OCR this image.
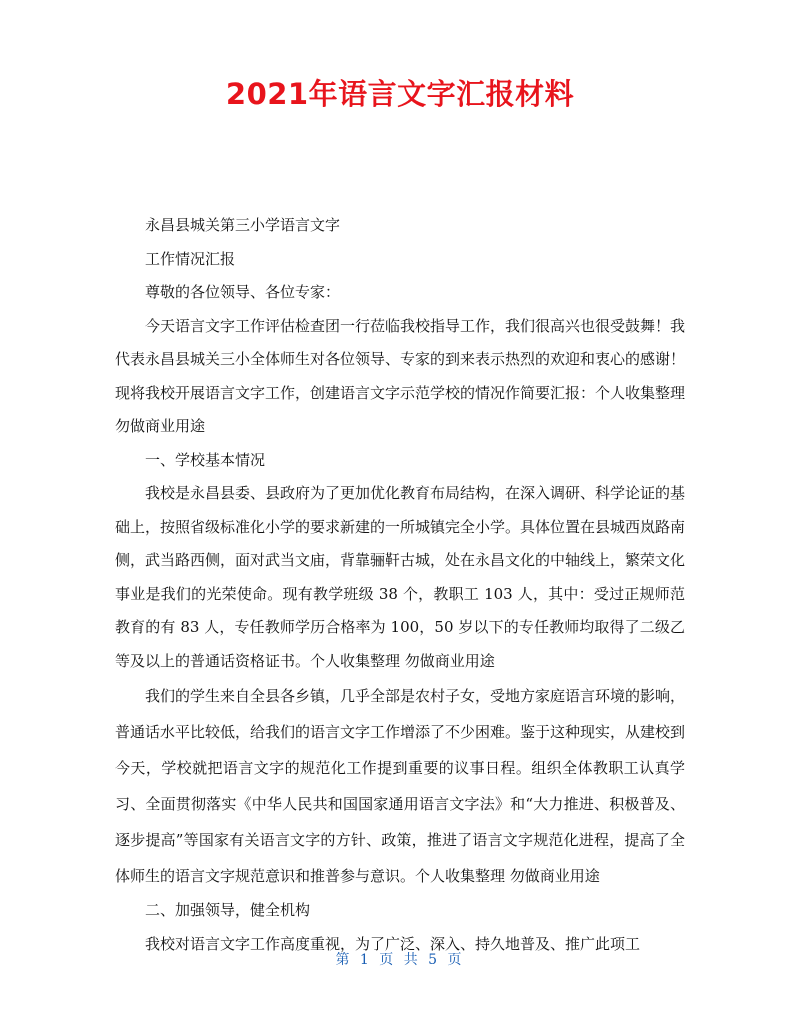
2021年语言文字汇报材料

永昌县城关第三小学语言文字

工作情况汇报

尊敬的各位领导、各位专家：

今天语言文字工作评估检查团一行莅临我校指导工作，我们很高兴也很受鼓舞！我代表永昌县城关三小全体师生对各位领导、专家的到来表示热烈的欢迎和衷心的感谢！现将我校开展语言文字工作，创建语言文字示范学校的情况作简要汇报：个人收集整理 勿做商业用途

一、学校基本情况

我校是永昌县委、县政府为了更加优化教育布局结构，在深入调研、科学论证的基础上，按照省级标准化小学的要求新建的一所城镇完全小学。具体位置在县城西岚路南侧，武当路西侧，面对武当文庙，背靠骊靬古城，处在永昌文化的中轴线上，繁荣文化事业是我们的光荣使命。现有教学班级 38 个，教职工 103 人，其中：受过正规师范教育的有 83 人，专任教师学历合格率为 100，50 岁以下的专任教师均取得了二级乙等及以上的普通话资格证书。个人收集整理 勿做商业用途

我们的学生来自全县各乡镇，几乎全部是农村子女，受地方家庭语言环境的影响，普通话水平比较低，给我们的语言文字工作增添了不少困难。鉴于这种现实，从建校到今天，学校就把语言文字的规范化工作提到重要的议事日程。组织全体教职工认真学习、全面贯彻落实《中华人民共和国国家通用语言文字法》和“大力推进、积极普及、逐步提高”等国家有关语言文字的方针、政策，推进了语言文字规范化进程，提高了全体师生的语言文字规范意识和推普参与意识。个人收集整理 勿做商业用途

二、加强领导，健全机构

我校对语言文字工作高度重视，为了广泛、深入、持久地普及、推广此项工

第 1 页 共 5 页
